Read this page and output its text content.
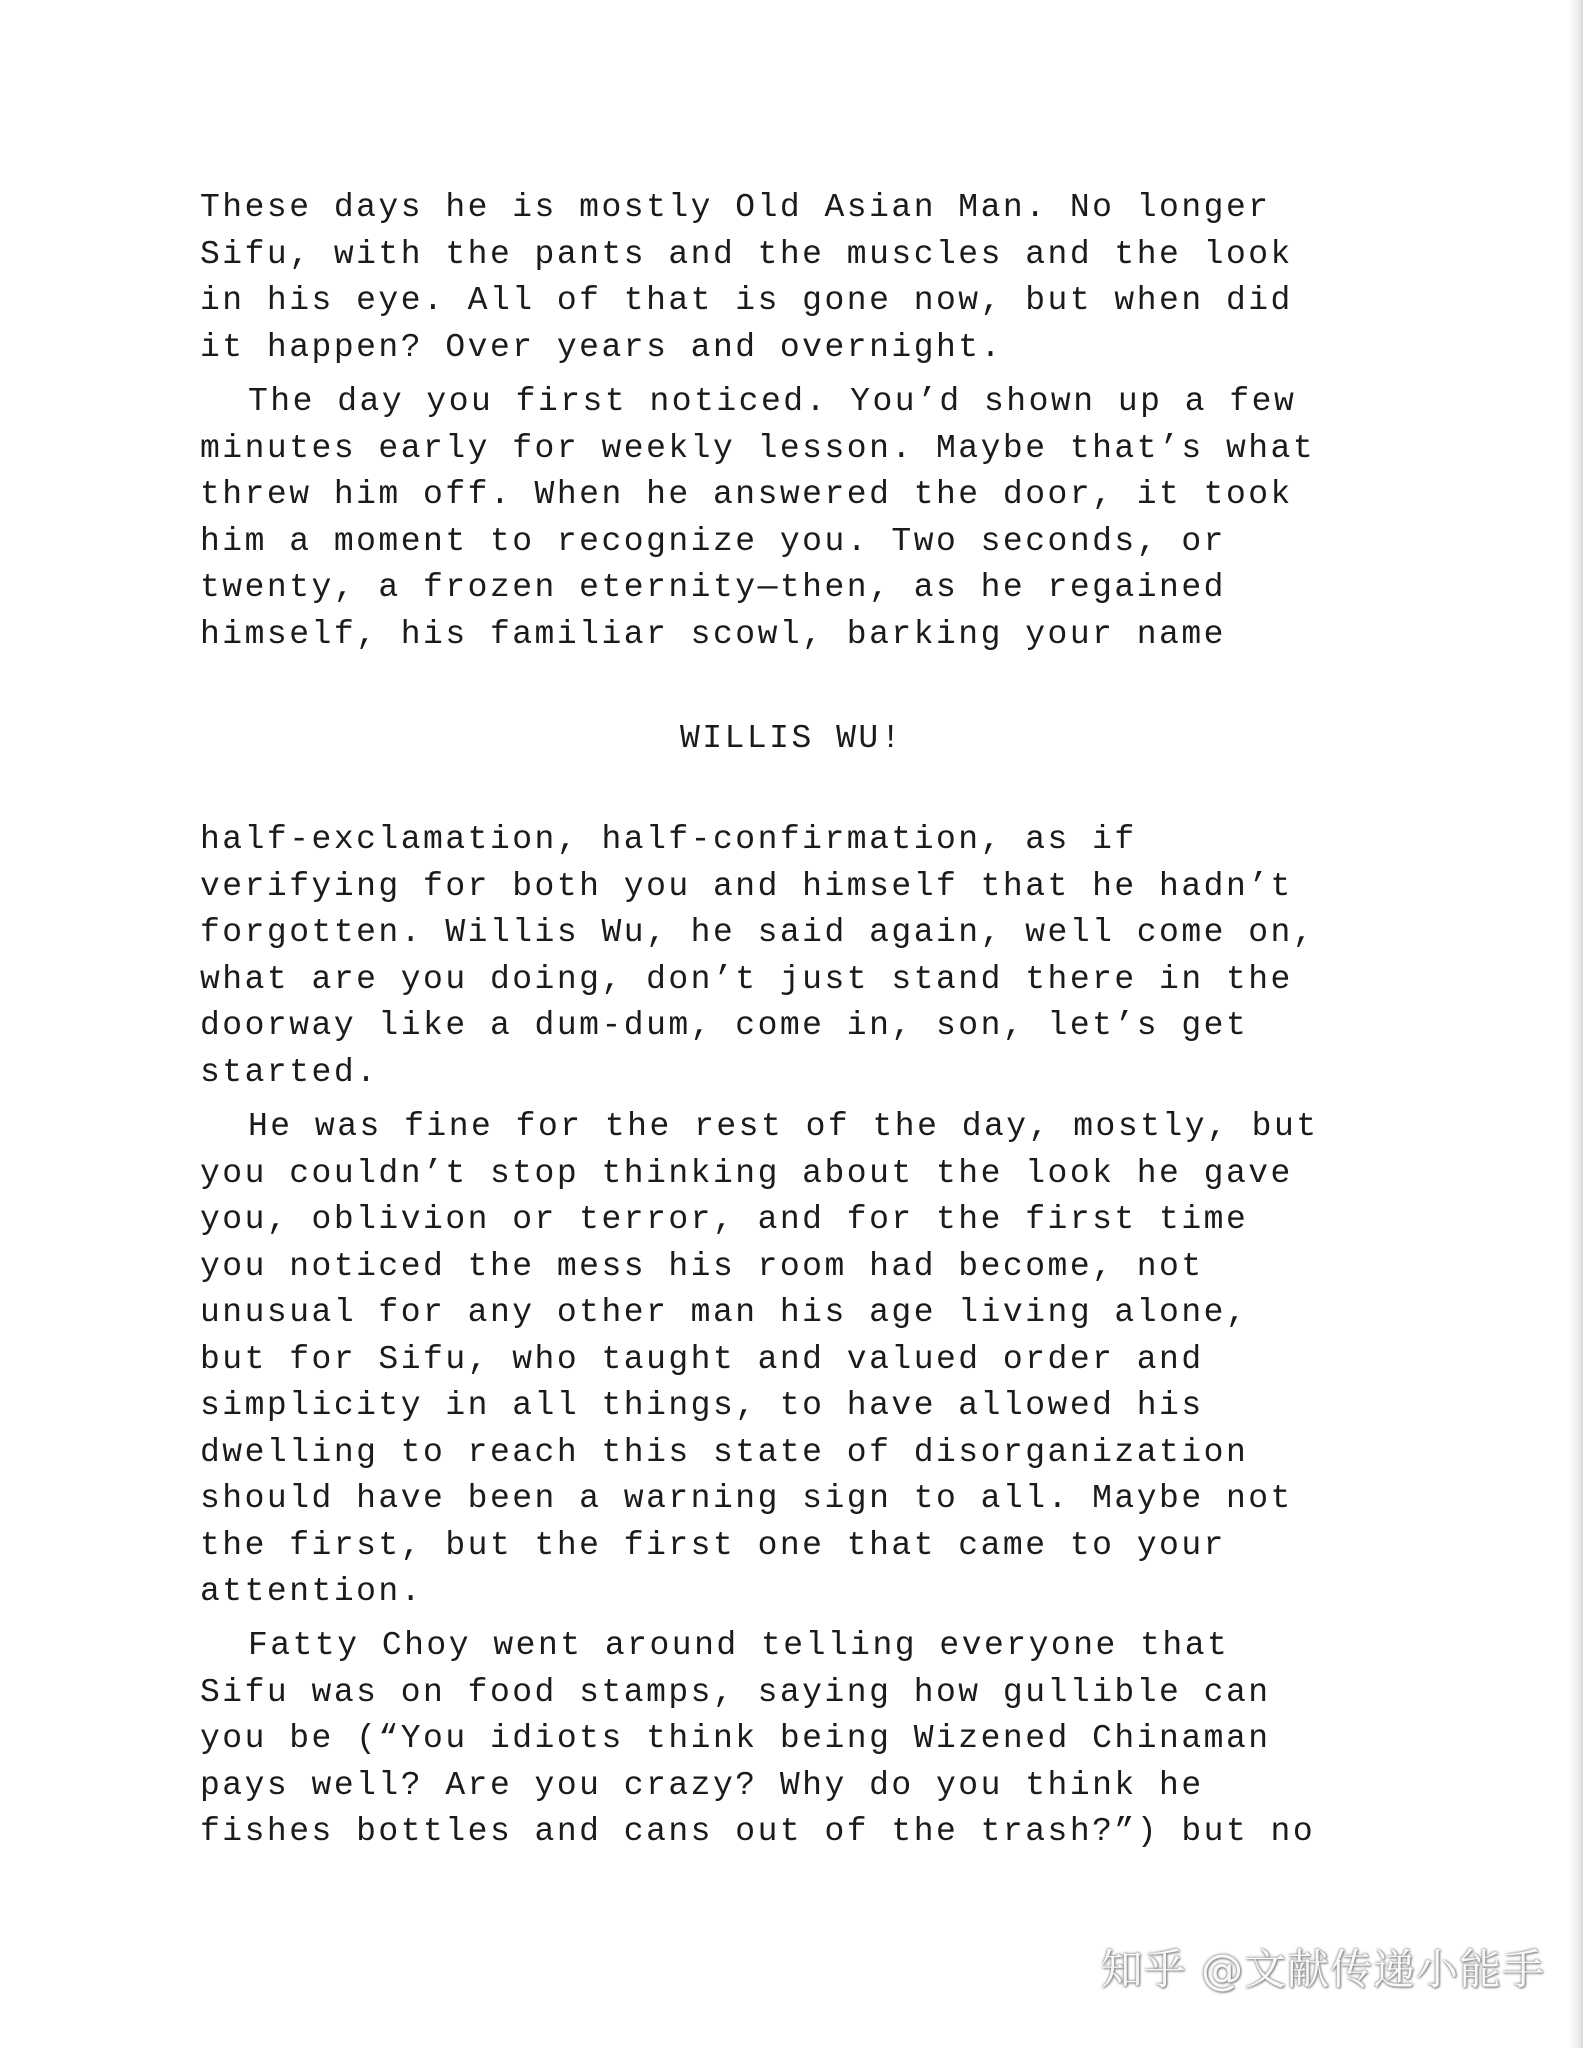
These days he is mostly Old Asian Man. No longer
Sifu, with the pants and the muscles and the look
in his eye. All of that is gone now, but when did
it happen? Over years and overnight.
The day you first noticed. You’d shown up a few
minutes early for weekly lesson. Maybe that’s what
threw him off. When he answered the door, it took
him a moment to recognize you. Two seconds, or
twenty, a frozen eternity—then, as he regained
himself, his familiar scowl, barking your name
WILLIS WU!
half-exclamation, half-confirmation, as if
verifying for both you and himself that he hadn’t
forgotten. Willis Wu, he said again, well come on,
what are you doing, don’t just stand there in the
doorway like a dum-dum, come in, son, let’s get
started.
He was fine for the rest of the day, mostly, but
you couldn’t stop thinking about the look he gave
you, oblivion or terror, and for the first time
you noticed the mess his room had become, not
unusual for any other man his age living alone,
but for Sifu, who taught and valued order and
simplicity in all things, to have allowed his
dwelling to reach this state of disorganization
should have been a warning sign to all. Maybe not
the first, but the first one that came to your
attention.
Fatty Choy went around telling everyone that
Sifu was on food stamps, saying how gullible can
you be (“You idiots think being Wizened Chinaman
pays well? Are you crazy? Why do you think he
fishes bottles and cans out of the trash?”) but no
知乎 @文献传递小能手
